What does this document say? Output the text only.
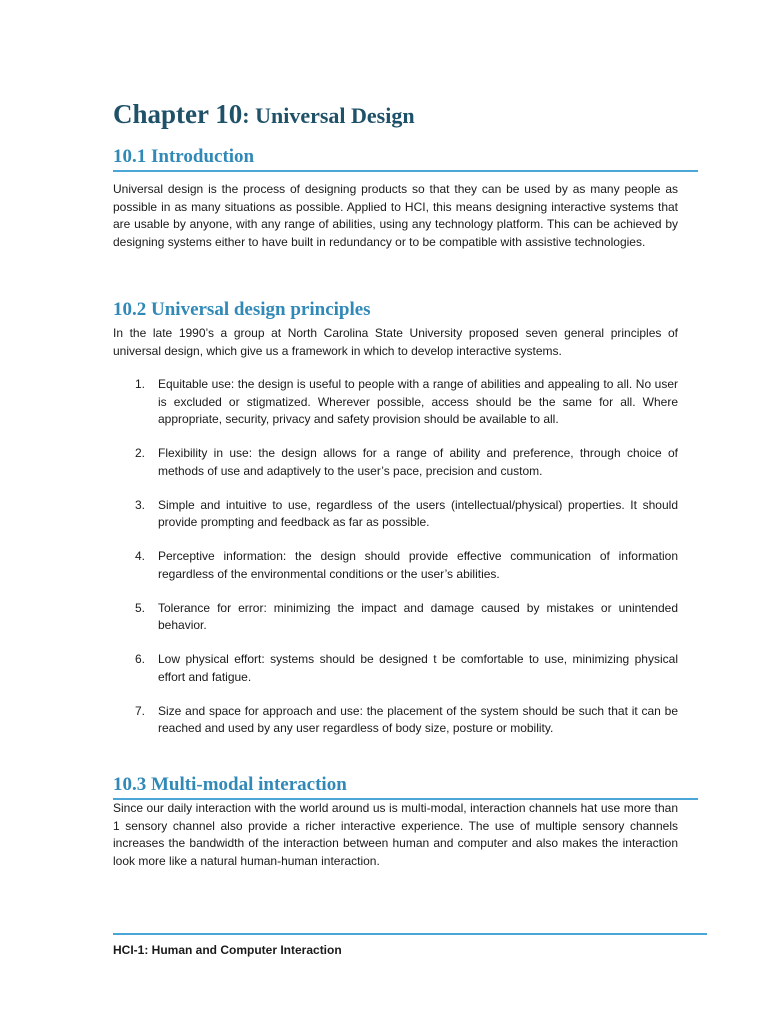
Chapter 10: Universal Design
10.1 Introduction

Universal design is the process of designing products so that they can be used by as many people as possible in as many situations as possible. Applied to HCI, this means designing interactive systems that are usable by anyone, with any range of abilities, using any technology platform. This can be achieved by designing systems either to have built in redundancy or to be compatible with assistive technologies.

10.2 Universal design principles

In the late 1990’s a group at North Carolina State University proposed seven general principles of universal design, which give us a framework in which to develop interactive systems.

1. Equitable use: the design is useful to people with a range of abilities and appealing to all. No user is excluded or stigmatized. Wherever possible, access should be the same for all. Where appropriate, security, privacy and safety provision should be available to all.
2. Flexibility in use: the design allows for a range of ability and preference, through choice of methods of use and adaptively to the user’s pace, precision and custom.
3. Simple and intuitive to use, regardless of the users (intellectual/physical) properties. It should provide prompting and feedback as far as possible.
4. Perceptive information: the design should provide effective communication of information regardless of the environmental conditions or the user’s abilities.
5. Tolerance for error: minimizing the impact and damage caused by mistakes or unintended behavior.
6. Low physical effort: systems should be designed t be comfortable to use, minimizing physical effort and fatigue.
7. Size and space for approach and use: the placement of the system should be such that it can be reached and used by any user regardless of body size, posture or mobility.
10.3 Multi-modal interaction

Since our daily interaction with the world around us is multi-modal, interaction channels hat use more than 1 sensory channel also provide a richer interactive experience. The use of multiple sensory channels increases the bandwidth of the interaction between human and computer and also makes the interaction look more like a natural human-human interaction.

HCI-1: Human and Computer Interaction
